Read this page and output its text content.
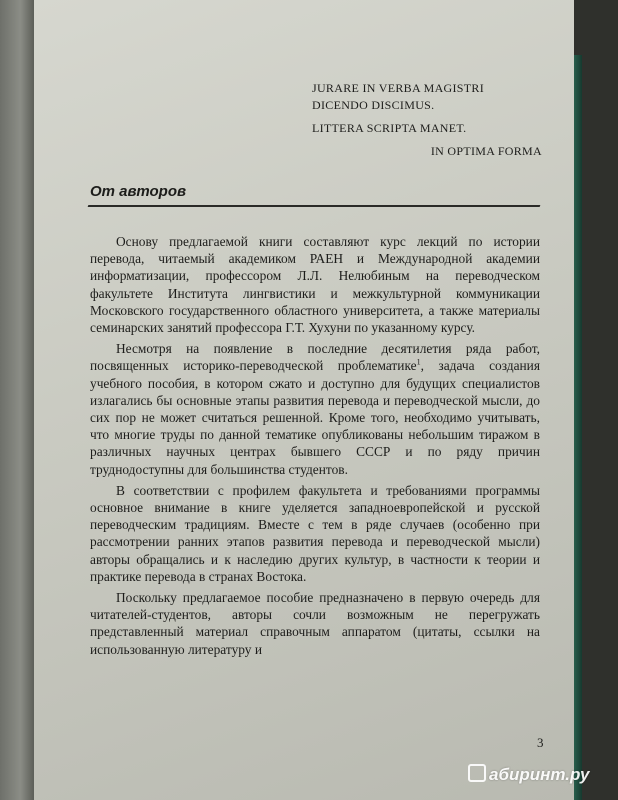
JURARE IN VERBA MAGISTRI
DICENDO DISCIMUS.
LITTERA SCRIPTA MANET.
IN OPTIMA FORMA
От авторов

Основу предлагаемой книги составляют курс лекций по истории перевода, читаемый академиком РАЕН и Международной академии информатизации, профессором Л.Л. Нелюбиным на переводческом факультете Института лингвистики и межкультурной коммуникации Московского государственного областного университета, а также материалы семинарских занятий профессора Г.Т. Хухуни по указанному курсу.

Несмотря на появление в последние десятилетия ряда работ, посвященных историко-переводческой проблематике$^1$, задача создания учебного пособия, в котором сжато и доступно для будущих специалистов излагались бы основные этапы развития перевода и переводческой мысли, до сих пор не может считаться решенной. Кроме того, необходимо учитывать, что многие труды по данной тематике опубликованы небольшим тиражом в различных научных центрах бывшего СССР и по ряду причин труднодоступны для большинства студентов.

В соответствии с профилем факультета и требованиями программы основное внимание в книге уделяется западноевропейской и русской переводческим традициям. Вместе с тем в ряде случаев (особенно при рассмотрении ранних этапов развития перевода и переводческой мысли) авторы обращались и к наследию других культур, в частности к теории и практике перевода в странах Востока.

Поскольку предлагаемое пособие предназначено в первую очередь для читателей-студентов, авторы сочли возможным не перегружать представленный материал справочным аппаратом (цитаты, ссылки на использованную литературу и

3
абиринт.ру
